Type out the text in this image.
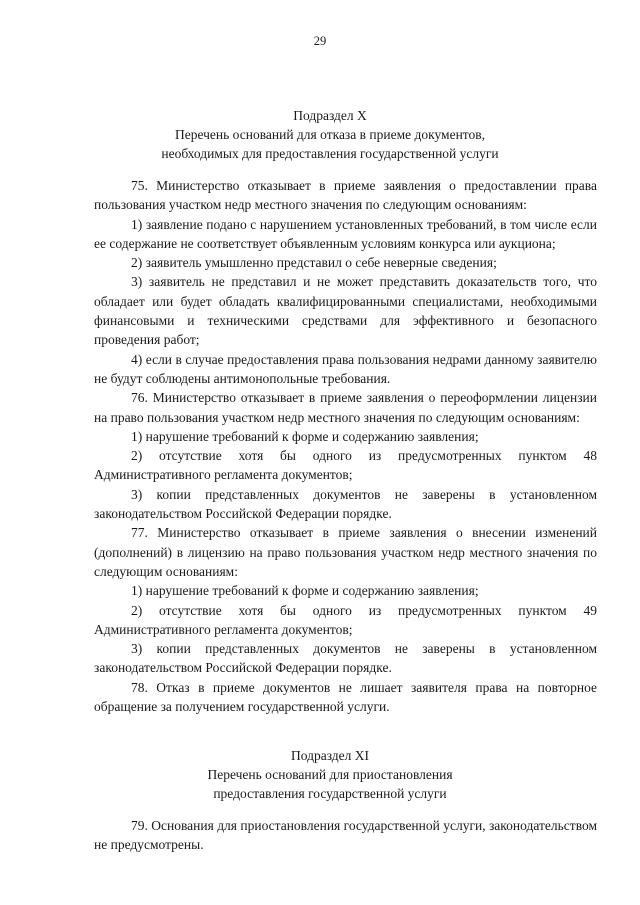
29
Подраздел X
Перечень оснований для отказа в приеме документов,
необходимых для предоставления государственной услуги

75. Министерство отказывает в приеме заявления о предоставлении права пользования участком недр местного значения по следующим основаниям:

1) заявление подано с нарушением установленных требований, в том числе если ее содержание не соответствует объявленным условиям конкурса или аукциона;

2) заявитель умышленно представил о себе неверные сведения;

3) заявитель не представил и не может представить доказательств того, что обладает или будет обладать квалифицированными специалистами, необходимыми финансовыми и техническими средствами для эффективного и безопасного проведения работ;

4) если в случае предоставления права пользования недрами данному заявителю не будут соблюдены антимонопольные требования.

76. Министерство отказывает в приеме заявления о переоформлении лицензии на право пользования участком недр местного значения по следующим основаниям:

1) нарушение требований к форме и содержанию заявления;

2) отсутствие хотя бы одного из предусмотренных пунктом 48 Административного регламента документов;

3) копии представленных документов не заверены в установленном законодательством Российской Федерации порядке.

77. Министерство отказывает в приеме заявления о внесении изменений (дополнений) в лицензию на право пользования участком недр местного значения по следующим основаниям:

1) нарушение требований к форме и содержанию заявления;

2) отсутствие хотя бы одного из предусмотренных пунктом 49 Административного регламента документов;

3) копии представленных документов не заверены в установленном законодательством Российской Федерации порядке.

78. Отказ в приеме документов не лишает заявителя права на повторное обращение за получением государственной услуги.

Подраздел XI
Перечень оснований для приостановления
предоставления государственной услуги

79. Основания для приостановления государственной услуги, законодательством не предусмотрены.
